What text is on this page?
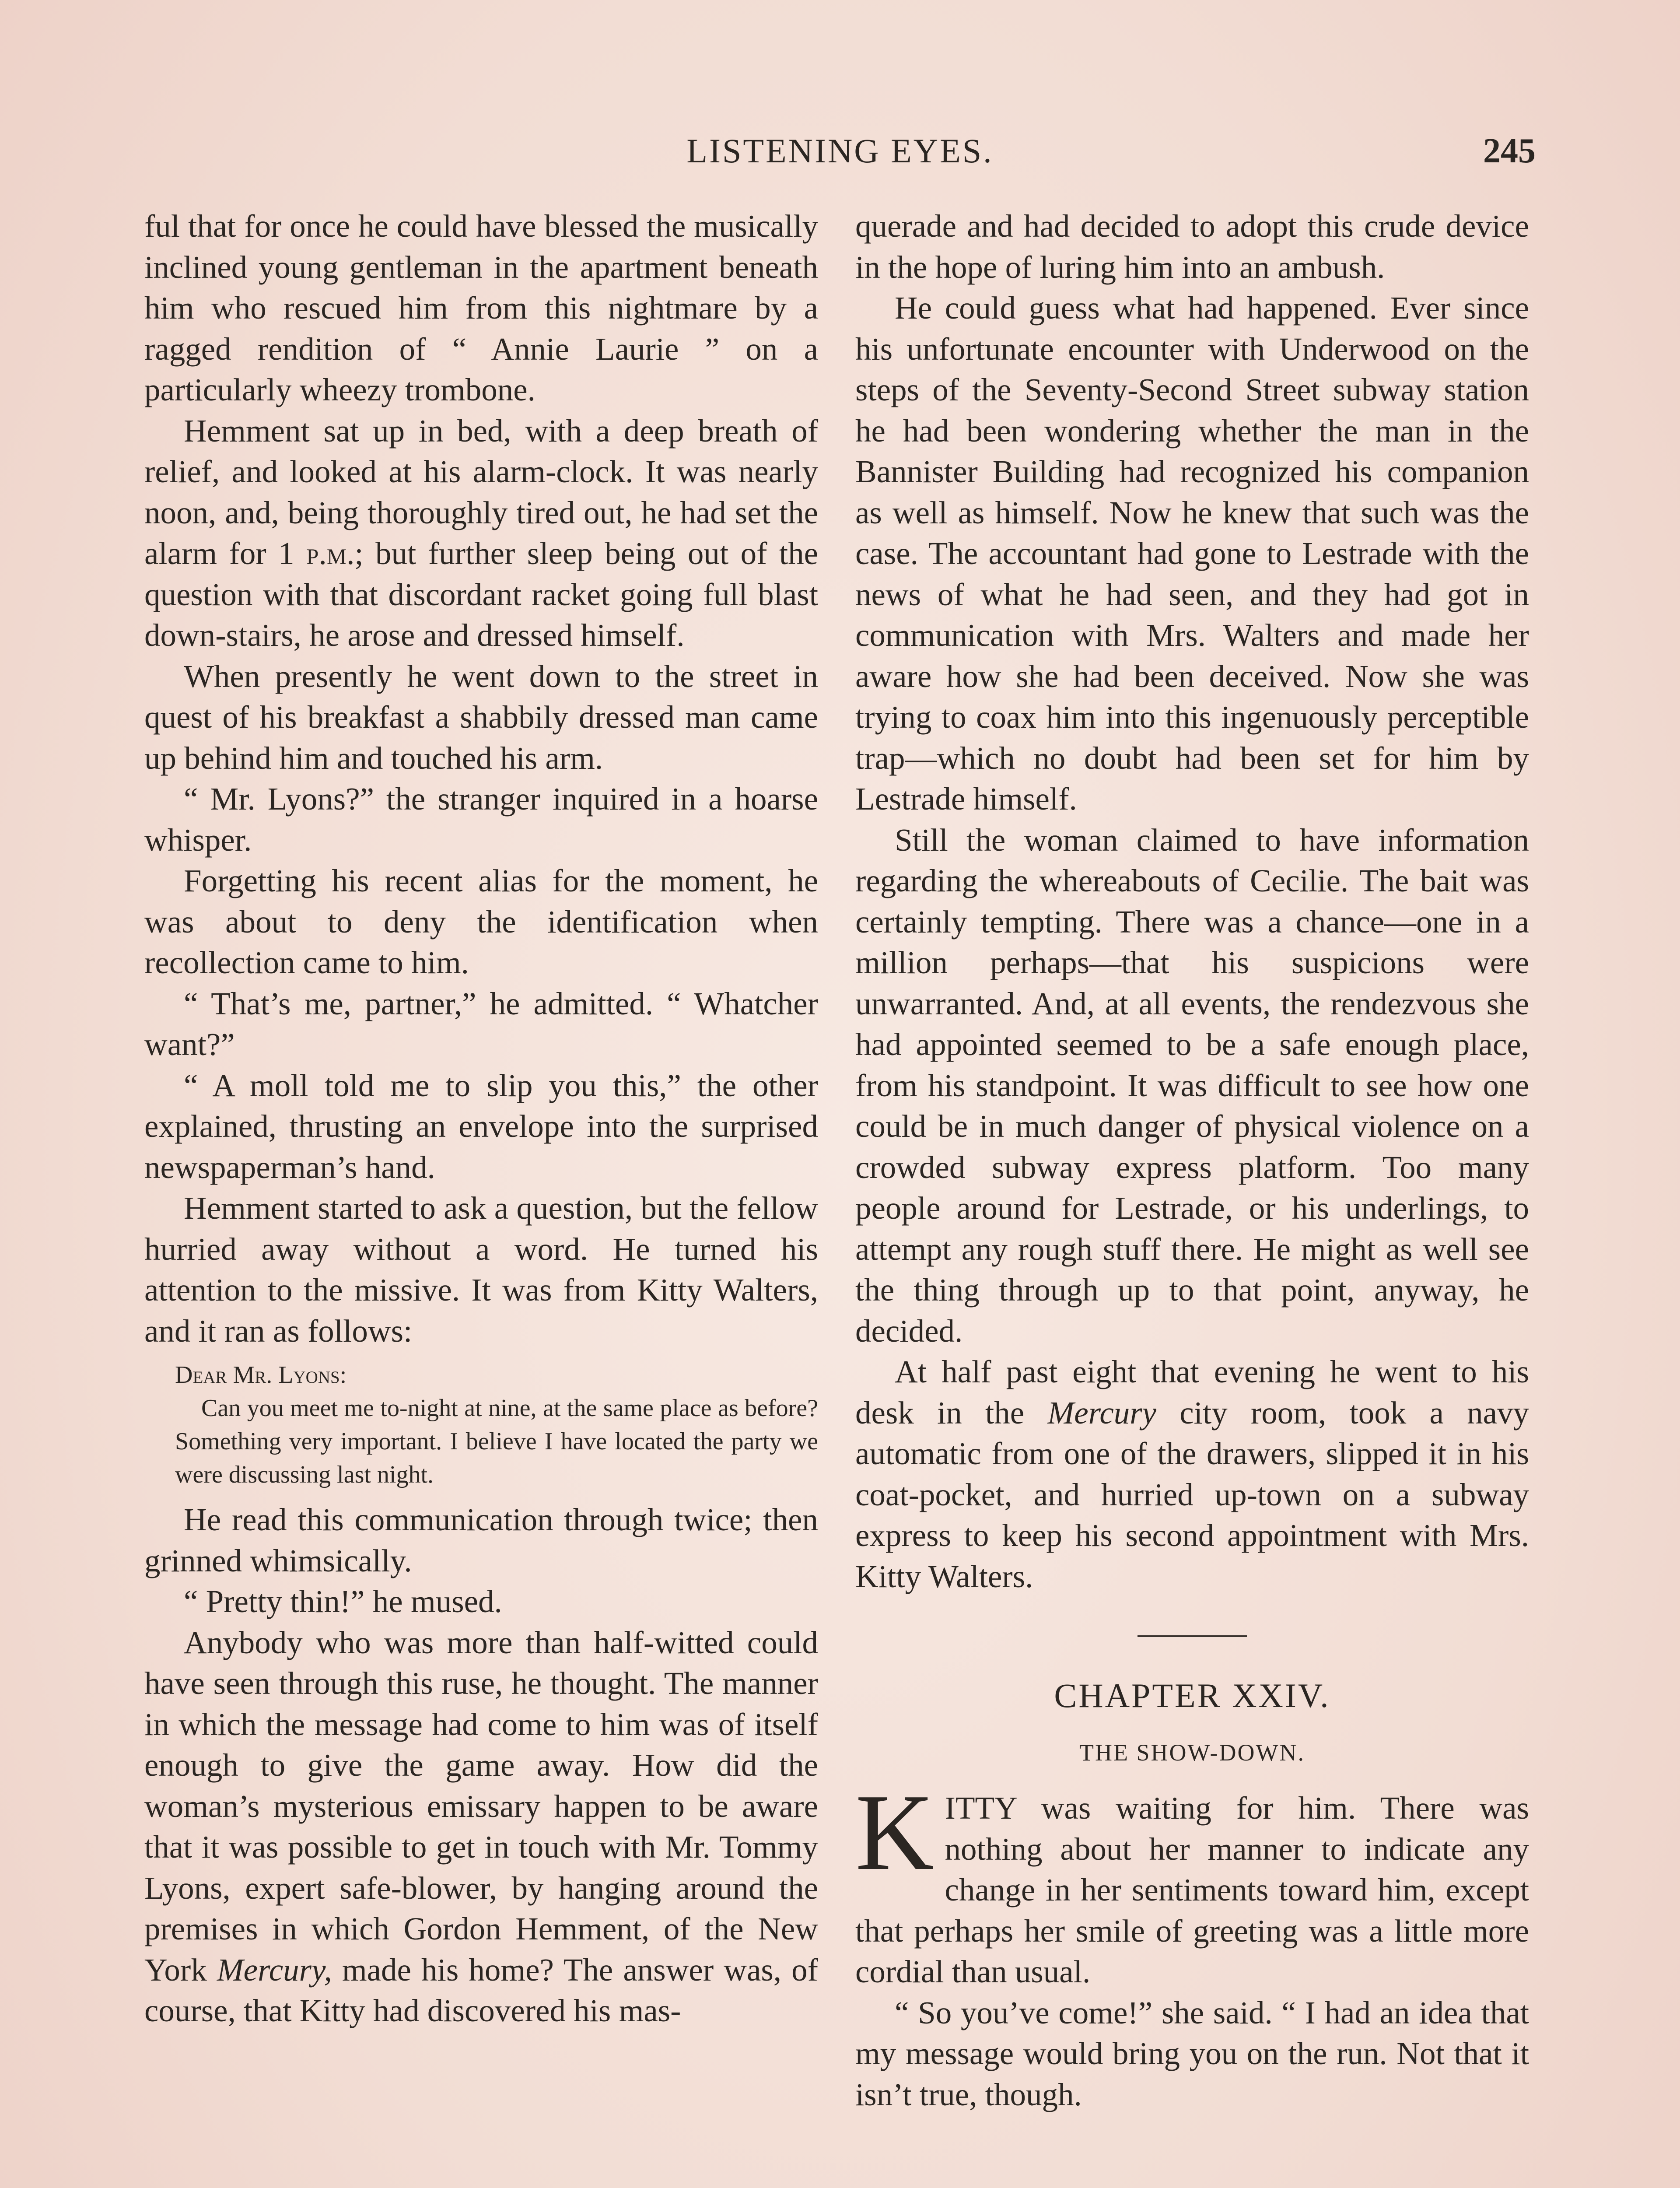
LISTENING EYES.	245

ful that for once he could have blessed the musically inclined young gentleman in the apartment beneath him who rescued him from this nightmare by a ragged rendition of “ Annie Laurie ” on a particularly wheezy trombone.

Hemment sat up in bed, with a deep breath of relief, and looked at his alarm-clock. It was nearly noon, and, being thoroughly tired out, he had set the alarm for 1 p.m.; but further sleep being out of the question with that discordant racket going full blast down-stairs, he arose and dressed himself.

When presently he went down to the street in quest of his breakfast a shabbily dressed man came up behind him and touched his arm.

“ Mr. Lyons?” the stranger inquired in a hoarse whisper.

Forgetting his recent alias for the moment, he was about to deny the identification when recollection came to him.

“ That’s me, partner,” he admitted. “ Whatcher want?”

“ A moll told me to slip you this,” the other explained, thrusting an envelope into the surprised newspaperman’s hand.

Hemment started to ask a question, but the fellow hurried away without a word. He turned his attention to the missive. It was from Kitty Walters, and it ran as follows:

Dear Mr. Lyons:

Can you meet me to-night at nine, at the same place as before? Something very important. I believe I have located the party we were discussing last night.

He read this communication through twice; then grinned whimsically.

“ Pretty thin!” he mused.

Anybody who was more than half-witted could have seen through this ruse, he thought. The manner in which the message had come to him was of itself enough to give the game away. How did the woman’s mysterious emissary happen to be aware that it was possible to get in touch with Mr. Tommy Lyons, expert safe-blower, by hanging around the premises in which Gordon Hemment, of the New York Mercury, made his home? The answer was, of course, that Kitty had discovered his mas-

querade and had decided to adopt this crude device in the hope of luring him into an ambush.

He could guess what had happened. Ever since his unfortunate encounter with Underwood on the steps of the Seventy-Second Street subway station he had been wondering whether the man in the Bannister Building had recognized his companion as well as himself. Now he knew that such was the case. The accountant had gone to Lestrade with the news of what he had seen, and they had got in communication with Mrs. Walters and made her aware how she had been deceived. Now she was trying to coax him into this ingenuously perceptible trap—which no doubt had been set for him by Lestrade himself.

Still the woman claimed to have information regarding the whereabouts of Cecilie. The bait was certainly tempting. There was a chance—one in a million perhaps—that his suspicions were unwarranted. And, at all events, the rendezvous she had appointed seemed to be a safe enough place, from his standpoint. It was difficult to see how one could be in much danger of physical violence on a crowded subway express platform. Too many people around for Lestrade, or his underlings, to attempt any rough stuff there. He might as well see the thing through up to that point, anyway, he decided.

At half past eight that evening he went to his desk in the Mercury city room, took a navy automatic from one of the drawers, slipped it in his coat-pocket, and hurried up-town on a subway express to keep his second appointment with Mrs. Kitty Walters.

CHAPTER XXIV.
THE SHOW-DOWN.

KITTY was waiting for him. There was nothing about her manner to indicate any change in her sentiments toward him, except that perhaps her smile of greeting was a little more cordial than usual.

“ So you’ve come!” she said. “ I had an idea that my message would bring you on the run. Not that it isn’t true, though.
